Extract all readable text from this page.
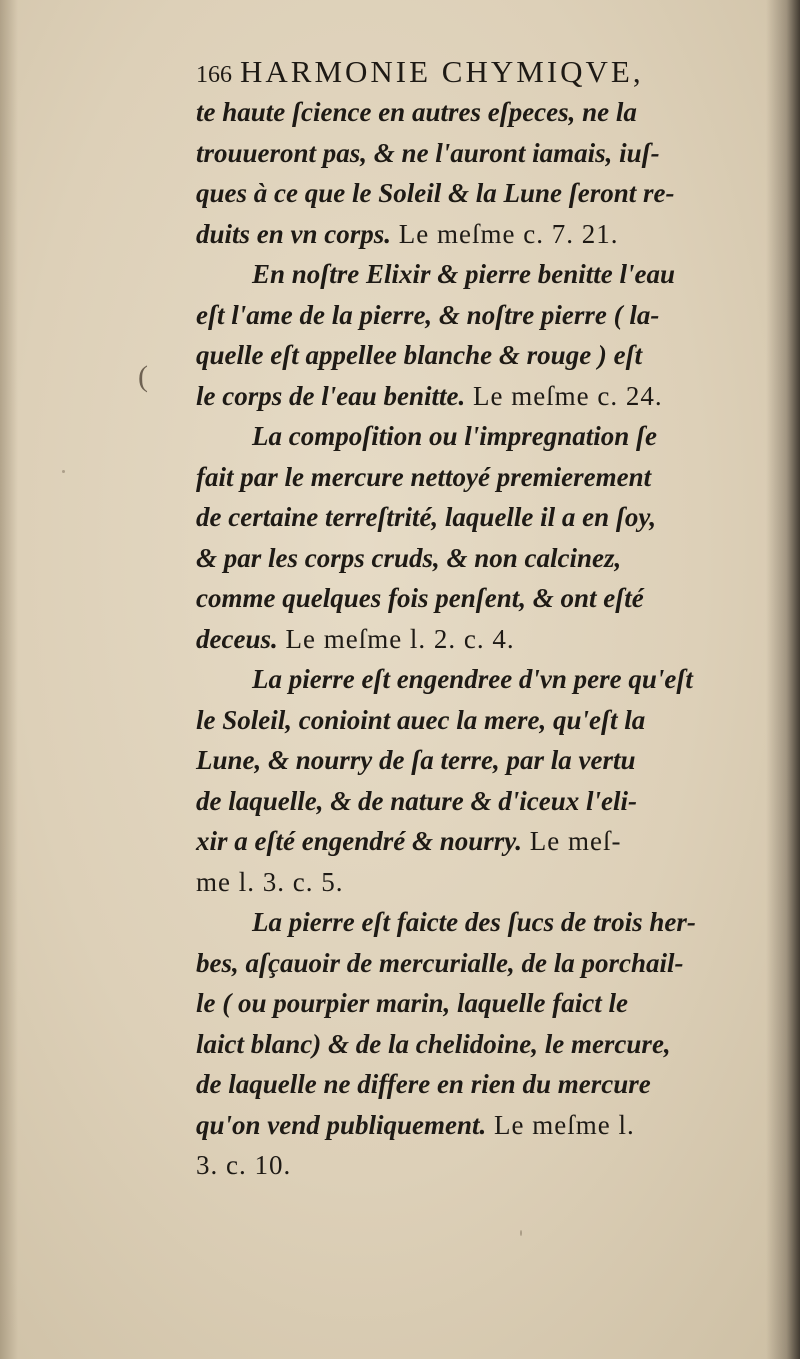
(
166 HARMONIE CHYMIQVE,
te haute ſcience en autres eſpeces, ne la
trouueront pas, & ne l'auront iamais, iuſ-
ques à ce que le Soleil & la Lune ſeront re-
duits en vn corps. Le meſme c. 7. 21.
En noſtre Elixir & pierre benitte l'eau
eſt l'ame de la pierre, & noſtre pierre ( la-
quelle eſt appellee blanche & rouge ) eſt
le corps de l'eau benitte. Le meſme c. 24.
La compoſition ou l'impregnation ſe
fait par le mercure nettoyé premierement
de certaine terreſtrité, laquelle il a en ſoy,
& par les corps cruds, & non calcinez,
comme quelques fois penſent, & ont eſté
deceus. Le meſme l. 2. c. 4.
La pierre eſt engendree d'vn pere qu'eſt
le Soleil, conioint auec la mere, qu'eſt la
Lune, & nourry de ſa terre, par la vertu
de laquelle, & de nature & d'iceux l'eli-
xir a eſté engendré & nourry. Le meſ-
me l. 3. c. 5.
La pierre eſt faicte des ſucs de trois her-
bes, aſçauoir de mercurialle, de la porchail-
le ( ou pourpier marin, laquelle faict le
laict blanc) & de la chelidoine, le mercure,
de laquelle ne differe en rien du mercure
qu'on vend publiquement. Le meſme l.
3. c. 10.
